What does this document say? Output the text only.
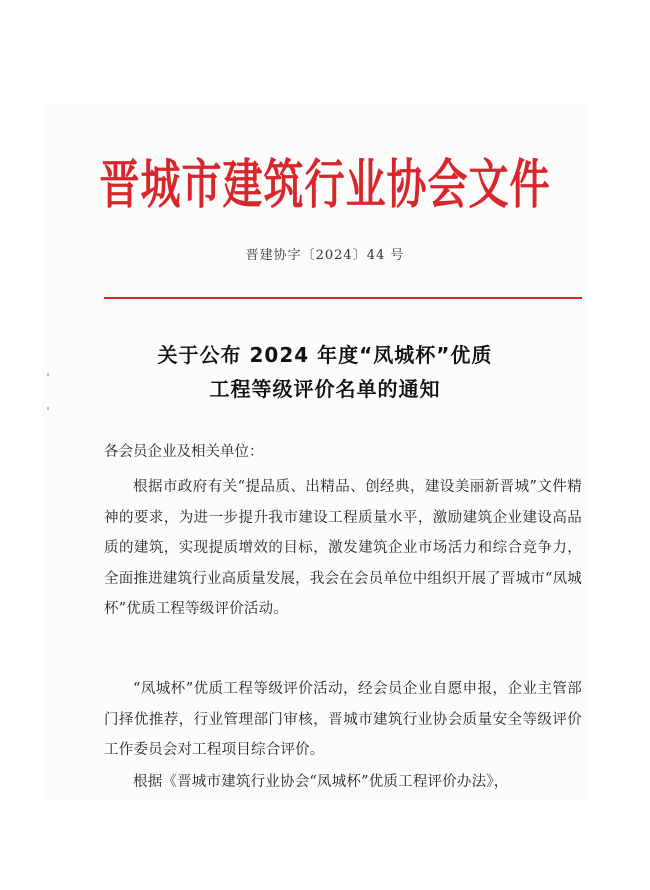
晋城市建筑行业协会文件
晋建协字〔2024〕44 号
关于公布 2024 年度“凤城杯”优质
工程等级评价名单的通知
各会员企业及相关单位：
根据市政府有关“提品质、出精品、创经典，建设美丽新晋城”文件精神的要求，为进一步提升我市建设工程质量水平，激励建筑企业建设高品质的建筑，实现提质增效的目标，激发建筑企业市场活力和综合竞争力，全面推进建筑行业高质量发展，我会在会员单位中组织开展了晋城市“凤城杯”优质工程等级评价活动。
“凤城杯”优质工程等级评价活动，经会员企业自愿申报，企业主管部门择优推荐，行业管理部门审核，晋城市建筑行业协会质量安全等级评价工作委员会对工程项目综合评价。
根据《晋城市建筑行业协会“凤城杯”优质工程评价办法》，
